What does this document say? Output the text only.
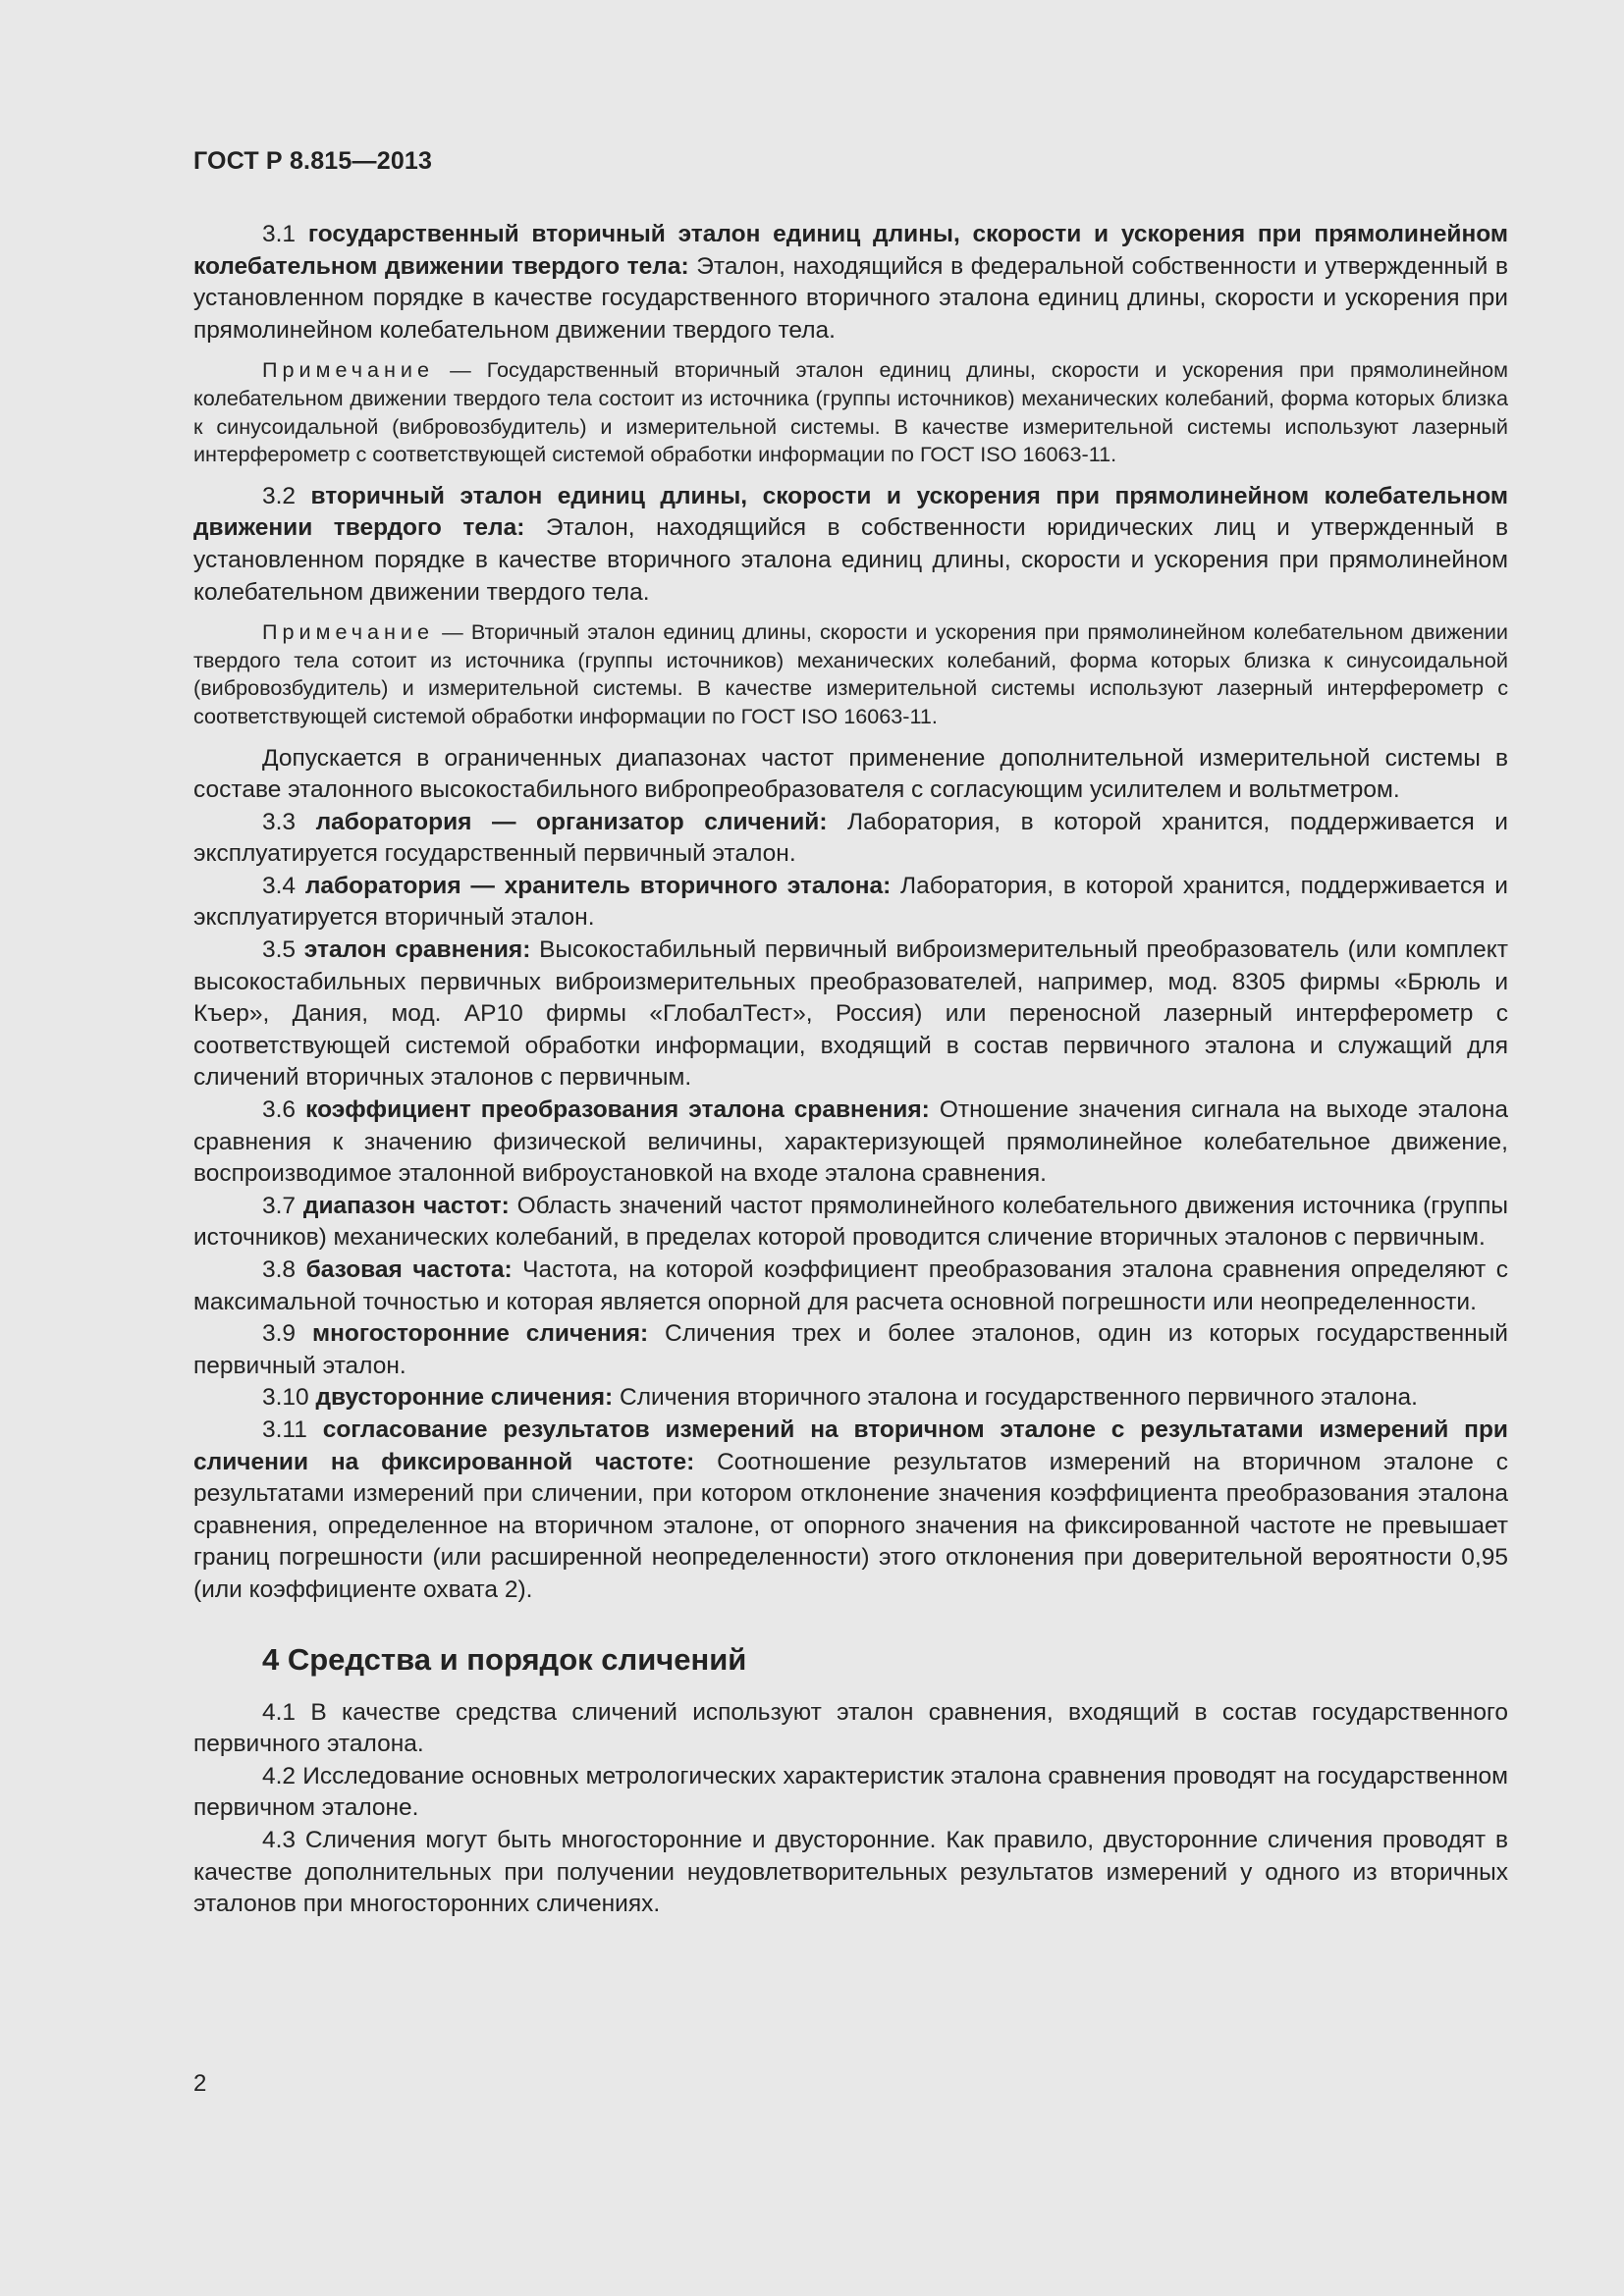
ГОСТ Р 8.815—2013

3.1 государственный вторичный эталон единиц длины, скорости и ускорения при прямолинейном колебательном движении твердого тела: Эталон, находящийся в федеральной собственности и утвержденный в установленном порядке в качестве государственного вторичного эталона единиц длины, скорости и ускорения при прямолинейном колебательном движении твердого тела.

Примечание — Государственный вторичный эталон единиц длины, скорости и ускорения при прямолинейном колебательном движении твердого тела состоит из источника (группы источников) механических колебаний, форма которых близка к синусоидальной (вибровозбудитель) и измерительной системы. В качестве измерительной системы используют лазерный интерферометр с соответствующей системой обработки информации по ГОСТ ISO 16063-11.

3.2 вторичный эталон единиц длины, скорости и ускорения при прямолинейном колебательном движении твердого тела: Эталон, находящийся в собственности юридических лиц и утвержденный в установленном порядке в качестве вторичного эталона единиц длины, скорости и ускорения при прямолинейном колебательном движении твердого тела.

Примечание — Вторичный эталон единиц длины, скорости и ускорения при прямолинейном колебательном движении твердого тела сотоит из источника (группы источников) механических колебаний, форма которых близка к синусоидальной (вибровозбудитель) и измерительной системы. В качестве измерительной системы используют лазерный интерферометр с соответствующей системой обработки информации по ГОСТ ISO 16063-11.

Допускается в ограниченных диапазонах частот применение дополнительной измерительной системы в составе эталонного высокостабильного вибропреобразователя с согласующим усилителем и вольтметром.

3.3 лаборатория — организатор сличений: Лаборатория, в которой хранится, поддерживается и эксплуатируется государственный первичный эталон.

3.4 лаборатория — хранитель вторичного эталона: Лаборатория, в которой хранится, поддерживается и эксплуатируется вторичный эталон.

3.5 эталон сравнения: Высокостабильный первичный виброизмерительный преобразователь (или комплект высокостабильных первичных виброизмерительных преобразователей, например, мод. 8305 фирмы «Брюль и Къер», Дания, мод. АР10 фирмы «ГлобалТест», Россия) или переносной лазерный интерферометр с соответствующей системой обработки информации, входящий в состав первичного эталона и служащий для сличений вторичных эталонов с первичным.

3.6 коэффициент преобразования эталона сравнения: Отношение значения сигнала на выходе эталона сравнения к значению физической величины, характеризующей прямолинейное колебательное движение, воспроизводимое эталонной виброустановкой на входе эталона сравнения.

3.7 диапазон частот: Область значений частот прямолинейного колебательного движения источника (группы источников) механических колебаний, в пределах которой проводится сличение вторичных эталонов с первичным.

3.8 базовая частота: Частота, на которой коэффициент преобразования эталона сравнения определяют с максимальной точностью и которая является опорной для расчета основной погрешности или неопределенности.

3.9 многосторонние сличения: Сличения трех и более эталонов, один из которых государственный первичный эталон.

3.10 двусторонние сличения: Сличения вторичного эталона и государственного первичного эталона.

3.11 согласование результатов измерений на вторичном эталоне с результатами измерений при сличении на фиксированной частоте: Соотношение результатов измерений на вторичном эталоне с результатами измерений при сличении, при котором отклонение значения коэффициента преобразования эталона сравнения, определенное на вторичном эталоне, от опорного значения на фиксированной частоте не превышает границ погрешности (или расширенной неопределенности) этого отклонения при доверительной вероятности 0,95 (или коэффициенте охвата 2).

4 Средства и порядок сличений

4.1 В качестве средства сличений используют эталон сравнения, входящий в состав государственного первичного эталона.

4.2 Исследование основных метрологических характеристик эталона сравнения проводят на государственном первичном эталоне.

4.3 Сличения могут быть многосторонние и двусторонние. Как правило, двусторонние сличения проводят в качестве дополнительных при получении неудовлетворительных результатов измерений у одного из вторичных эталонов при многосторонних сличениях.

2
